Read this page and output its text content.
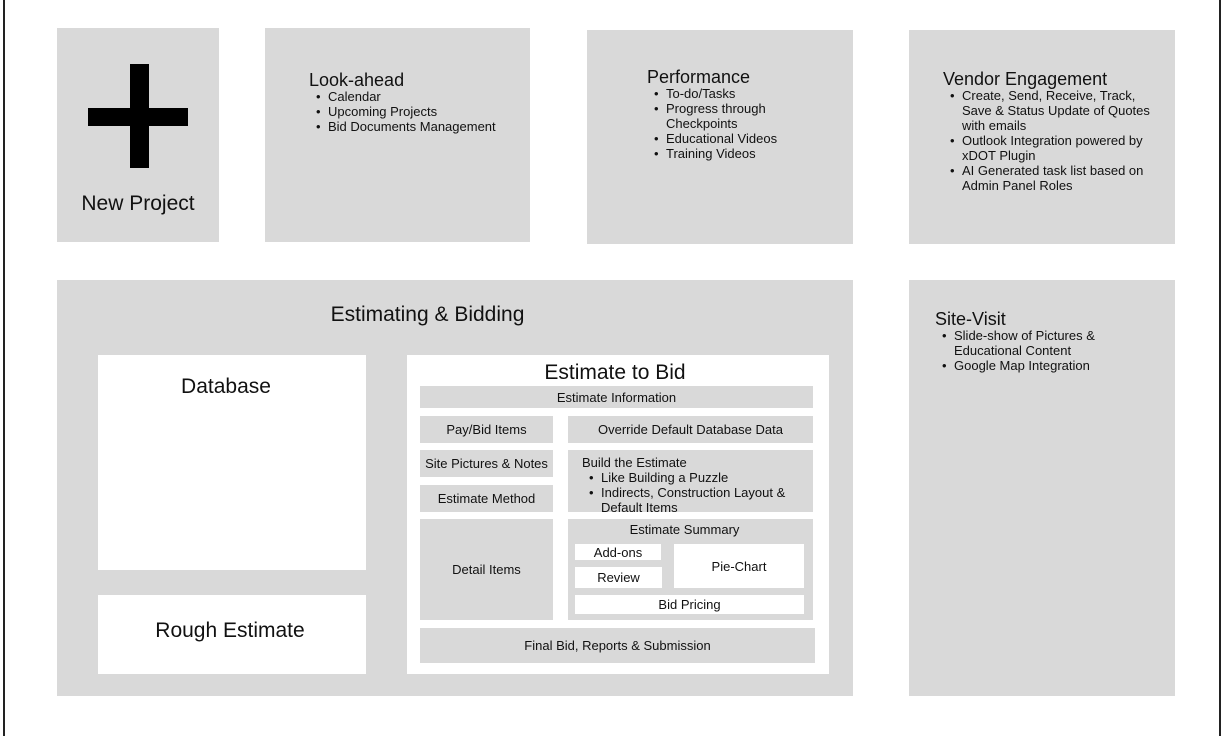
New Project
Look-ahead
• Calendar
• Upcoming Projects
• Bid Documents Management
Performance
• To-do/Tasks
• Progress through Checkpoints
• Educational Videos
• Training Videos
Vendor Engagement
• Create, Send, Receive, Track, Save & Status Update of Quotes with emails
• Outlook Integration powered by xDOT Plugin
• AI Generated task list based on Admin Panel Roles
Site-Visit
• Slide-show of Pictures & Educational Content
• Google Map Integration
Estimating & Bidding
Database
Rough Estimate
Estimate to Bid
Estimate Information
Pay/Bid Items
Site Pictures & Notes
Estimate Method
Detail Items
Override Default Database Data
Build the Estimate
• Like Building a Puzzle
• Indirects, Construction Layout & Default Items
Estimate Summary
Add-ons
Review
Pie-Chart
Bid Pricing
Final Bid, Reports & Submission
